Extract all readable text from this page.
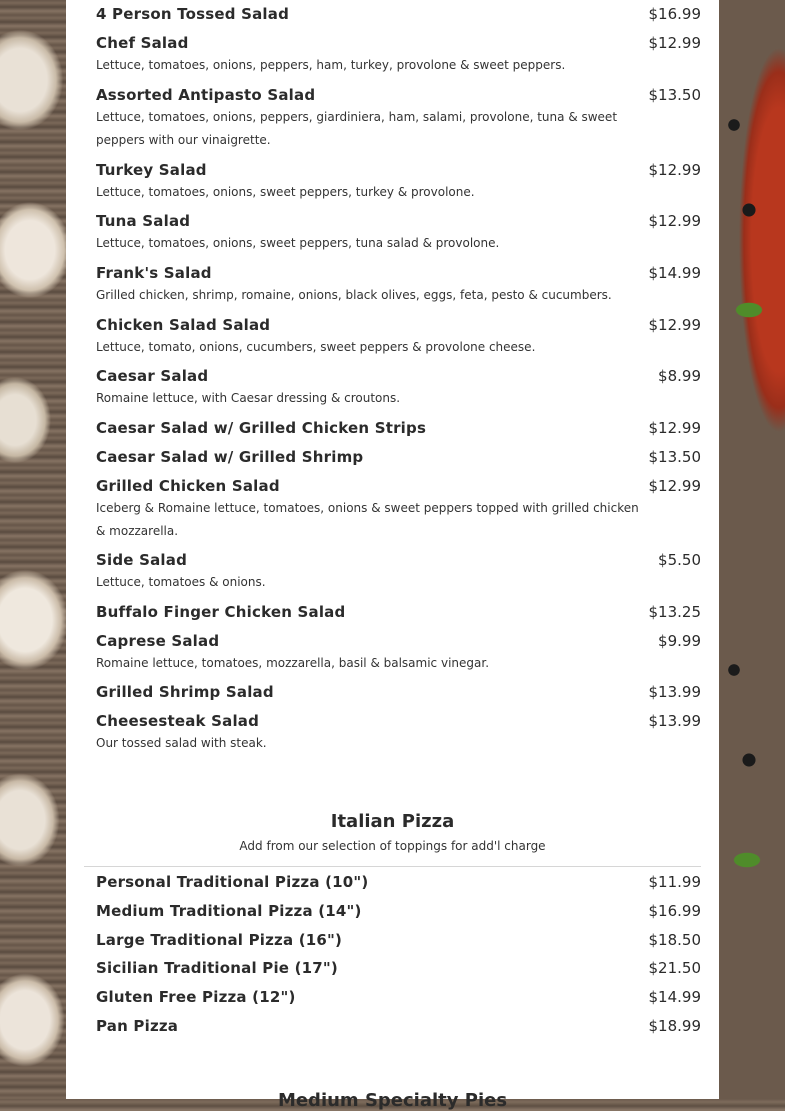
4 Person Tossed Salad	$16.99
Chef Salad	$12.99
Lettuce, tomatoes, onions, peppers, ham, turkey, provolone & sweet peppers.
Assorted Antipasto Salad	$13.50
Lettuce, tomatoes, onions, peppers, giardiniera, ham, salami, provolone, tuna & sweet peppers with our vinaigrette.
Turkey Salad	$12.99
Lettuce, tomatoes, onions, sweet peppers, turkey & provolone.
Tuna Salad	$12.99
Lettuce, tomatoes, onions, sweet peppers, tuna salad & provolone.
Frank's Salad	$14.99
Grilled chicken, shrimp, romaine, onions, black olives, eggs, feta, pesto & cucumbers.
Chicken Salad Salad	$12.99
Lettuce, tomato, onions, cucumbers, sweet peppers & provolone cheese.
Caesar Salad	$8.99
Romaine lettuce, with Caesar dressing & croutons.
Caesar Salad w/ Grilled Chicken Strips	$12.99
Caesar Salad w/ Grilled Shrimp	$13.50
Grilled Chicken Salad	$12.99
Iceberg & Romaine lettuce, tomatoes, onions & sweet peppers topped with grilled chicken & mozzarella.
Side Salad	$5.50
Lettuce, tomatoes & onions.
Buffalo Finger Chicken Salad	$13.25
Caprese Salad	$9.99
Romaine lettuce, tomatoes, mozzarella, basil & balsamic vinegar.
Grilled Shrimp Salad	$13.99
Cheesesteak Salad	$13.99
Our tossed salad with steak.
Italian Pizza
Add from our selection of toppings for add'l charge
Personal Traditional Pizza (10")	$11.99
Medium Traditional Pizza (14")	$16.99
Large Traditional Pizza (16")	$18.50
Sicilian Traditional Pie (17")	$21.50
Gluten Free Pizza (12")	$14.99
Pan Pizza	$18.99
Medium Specialty Pies
